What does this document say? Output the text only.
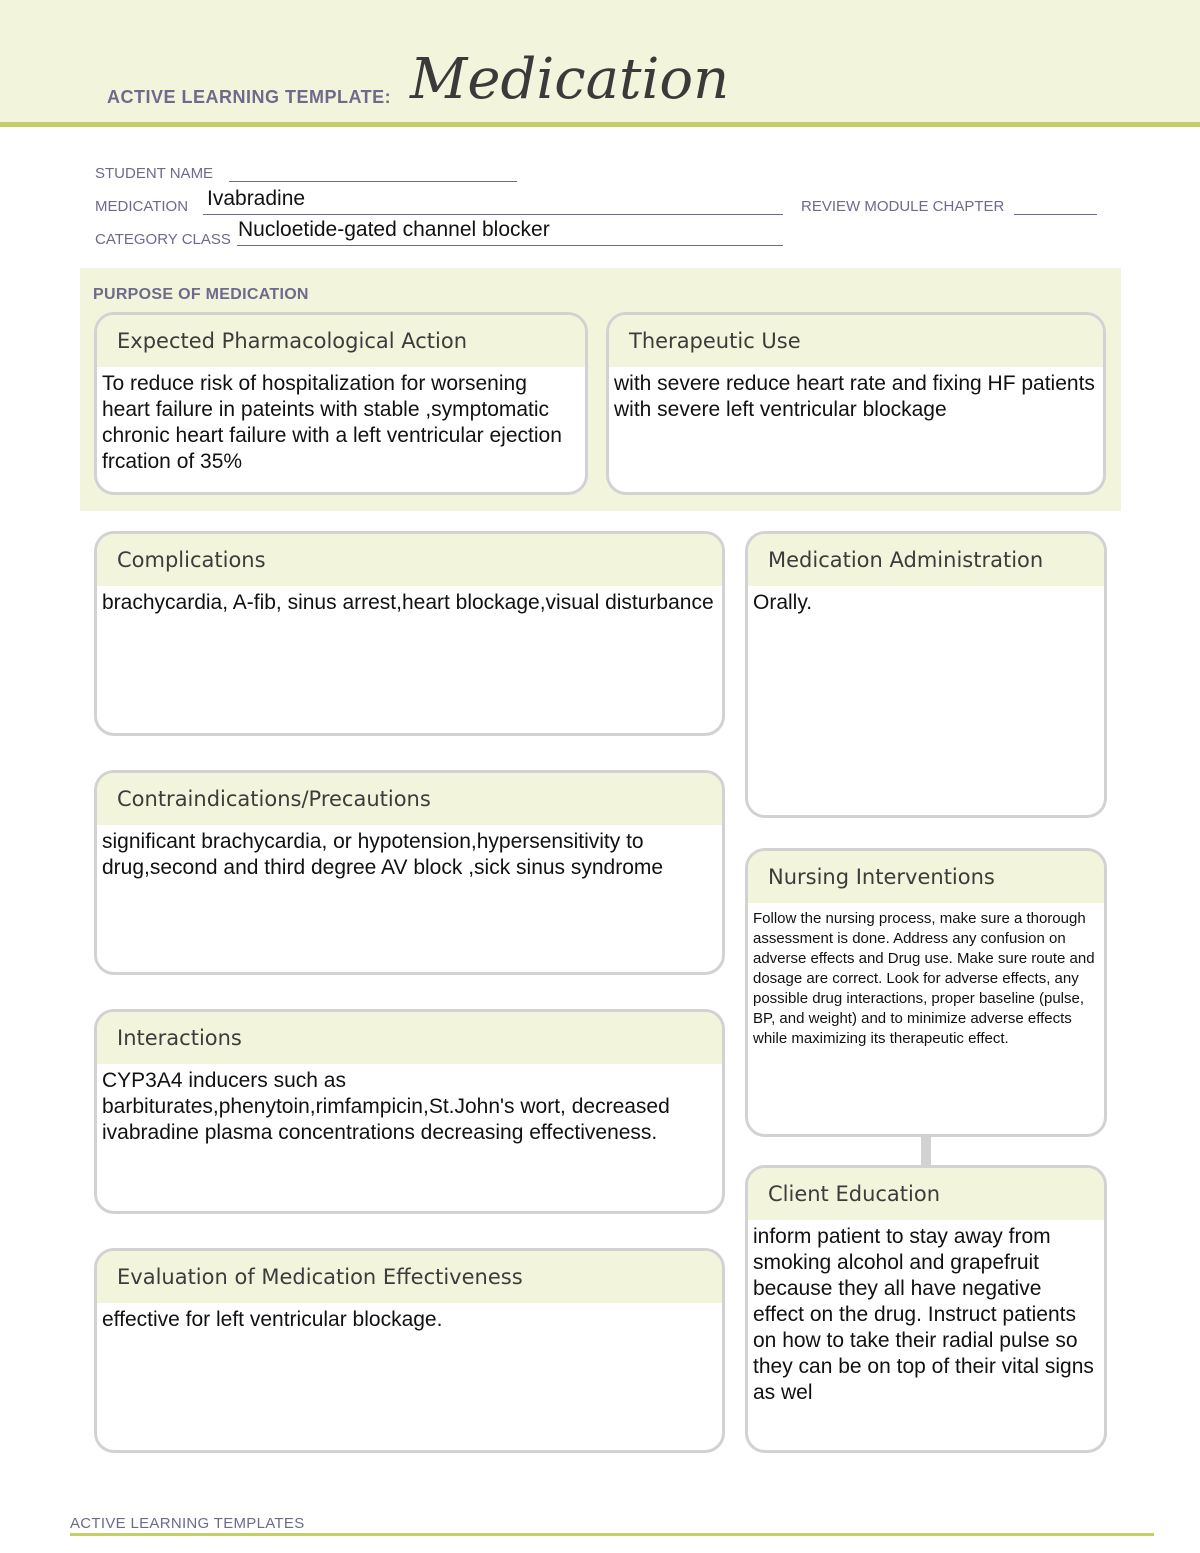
ACTIVE LEARNING TEMPLATE: Medication
STUDENT NAME
MEDICATION Ivabradine	REVIEW MODULE CHAPTER
CATEGORY CLASS Nucloetide-gated channel blocker
PURPOSE OF MEDICATION
Expected Pharmacological Action
To reduce risk of hospitalization for worsening heart failure in pateints with stable ,symptomatic chronic heart failure with a left ventricular ejection frcation of 35%
Therapeutic Use
with severe reduce heart rate and fixing HF patients with severe left ventricular blockage
Complications
brachycardia, A-fib, sinus arrest,heart blockage,visual disturbance
Contraindications/Precautions
significant brachycardia, or hypotension,hypersensitivity to drug,second and third degree AV block ,sick sinus syndrome
Interactions
CYP3A4 inducers such as barbiturates,phenytoin,rimfampicin,St.John's wort, decreased ivabradine plasma concentrations decreasing effectiveness.
Evaluation of Medication Effectiveness
effective for left ventricular blockage.
Medication Administration
Orally.
Nursing Interventions
Follow the nursing process, make sure a thorough assessment is done. Address any confusion on adverse effects and Drug use. Make sure route and dosage are correct. Look for adverse effects, any possible drug interactions, proper baseline (pulse, BP, and weight) and to minimize adverse effects while maximizing its therapeutic effect.
Client Education
inform patient to stay away from smoking alcohol and grapefruit because they all have negative effect on the drug. Instruct patients on how to take their radial pulse so they can be on top of their vital signs as wel
ACTIVE LEARNING TEMPLATES
